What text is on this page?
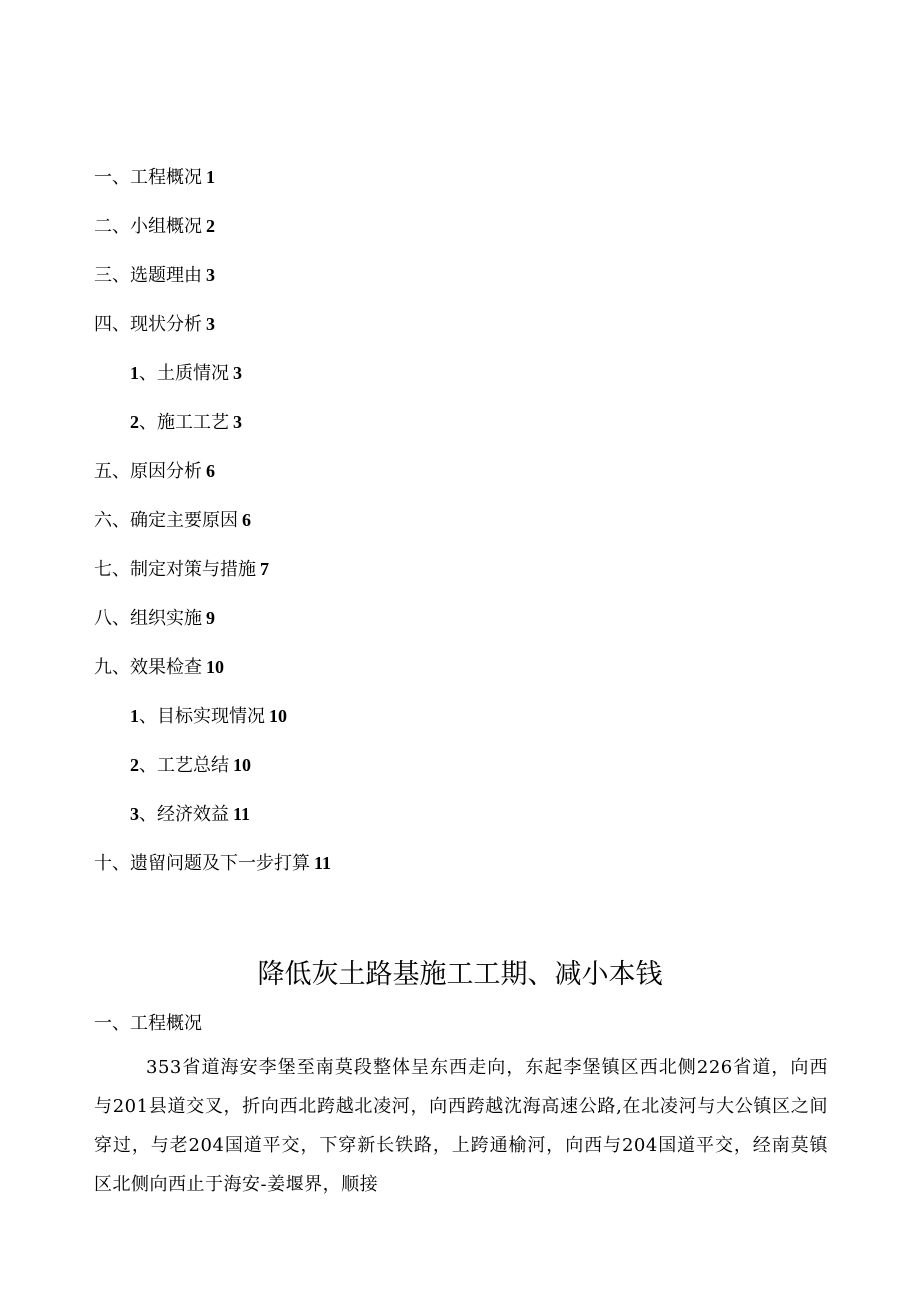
一、工程概况 1
二、小组概况 2
三、选题理由 3
四、现状分析 3
1、土质情况 3
2、施工工艺 3
五、原因分析 6
六、确定主要原因 6
七、制定对策与措施 7
八、组织实施 9
九、效果检查 10
1、目标实现情况 10
2、工艺总结 10
3、经济效益 11
十、遗留问题及下一步打算 11
降低灰土路基施工工期、减小本钱
一、工程概况

353省道海安李堡至南莫段整体呈东西走向，东起李堡镇区西北侧226省道，向西与201县道交叉，折向西北跨越北凌河，向西跨越沈海高速公路,在北凌河与大公镇区之间穿过，与老204国道平交，下穿新长铁路，上跨通榆河，向西与204国道平交，经南莫镇区北侧向西止于海安-姜堰界，顺接
